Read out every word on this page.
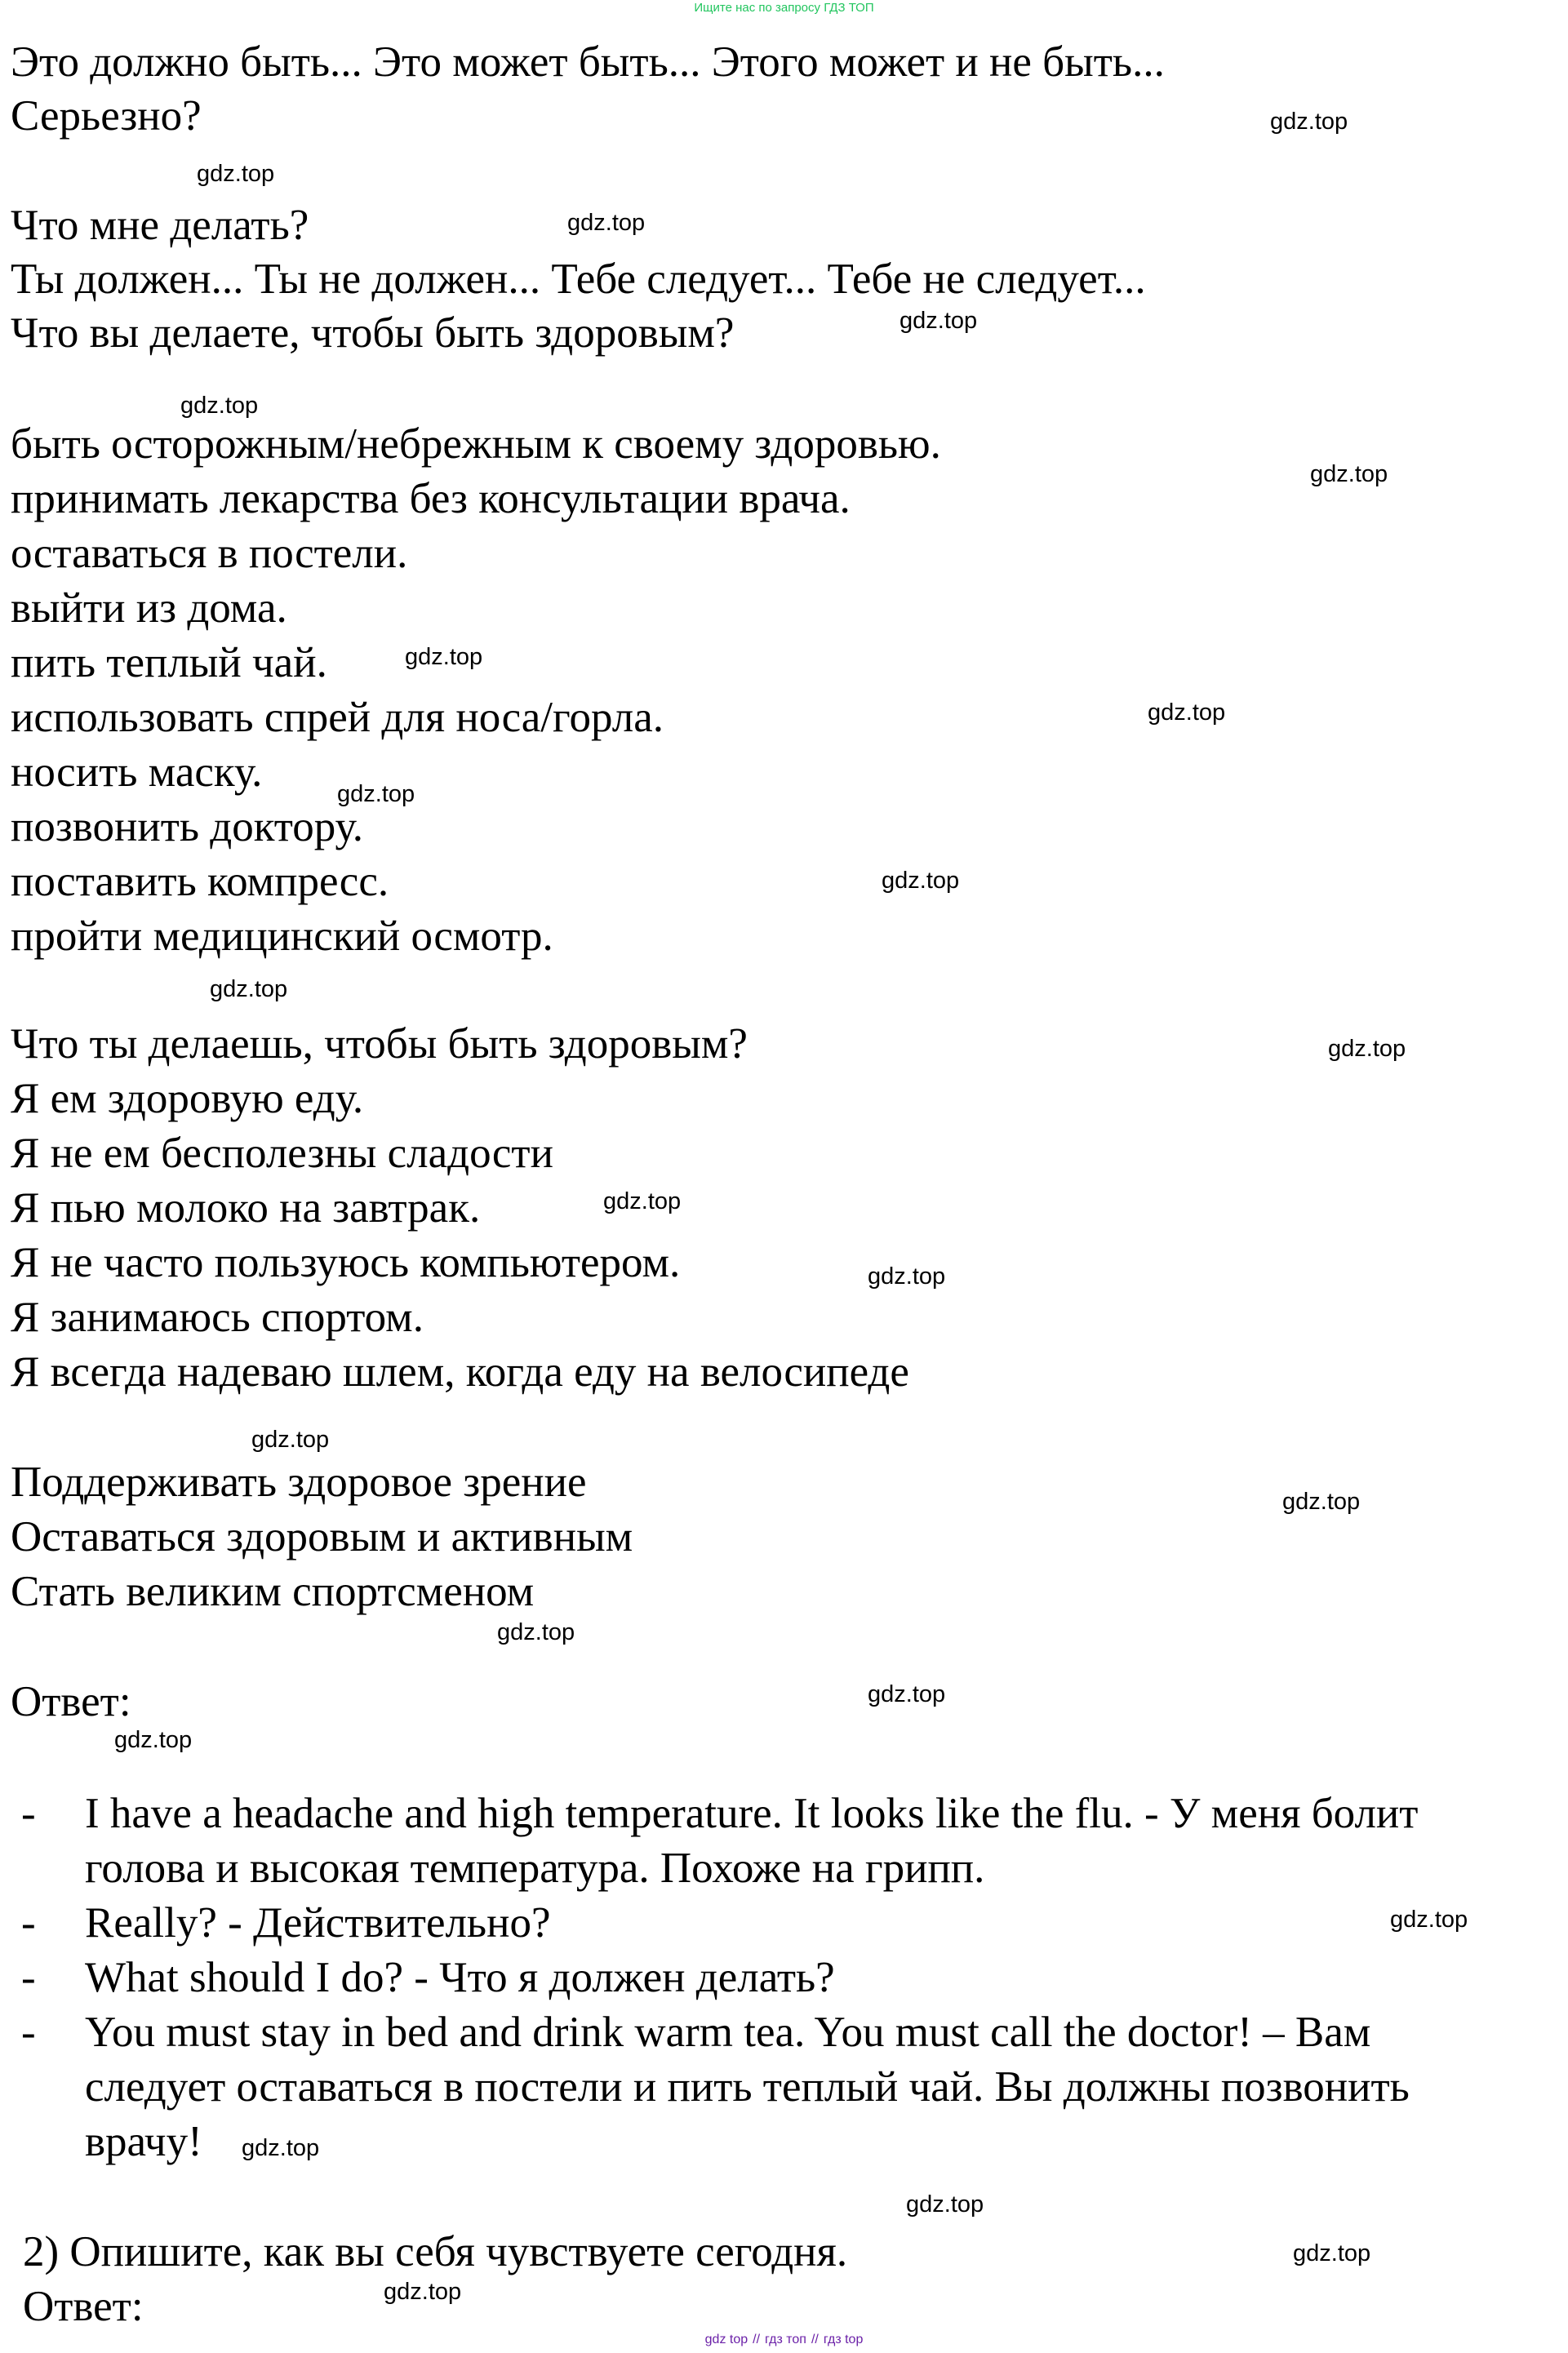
Ищите нас по запросу ГДЗ ТОП
Это должно быть... Это может быть... Этого может и не быть...
Серьезно?
Что мне делать?
Ты должен... Ты не должен... Тебе следует... Тебе не следует...
Что вы делаете, чтобы быть здоровым?
быть осторожным/небрежным к своему здоровью.
принимать лекарства без консультации врача.
оставаться в постели.
выйти из дома.
пить теплый чай.
использовать спрей для носа/горла.
носить маску.
позвонить доктору.
поставить компресс.
пройти медицинский осмотр.
Что ты делаешь, чтобы быть здоровым?
Я ем здоровую еду.
Я не ем бесполезны сладости
Я пью молоко на завтрак.
Я не часто пользуюсь компьютером.
Я занимаюсь спортом.
Я всегда надеваю шлем, когда еду на велосипеде
Поддерживать здоровое зрение
Оставаться здоровым и активным
Стать великим спортсменом
Ответ:
- I have a headache and high temperature. It looks like the flu. - У меня болит
голова и высокая температура. Похоже на грипп.
- Really? - Действительно?
- What should I do? - Что я должен делать?
- You must stay in bed and drink warm tea. You must call the doctor! – Вам
следует оставаться в постели и пить теплый чай. Вы должны позвонить
врачу!
2) Опишите, как вы себя чувствуете сегодня.
Ответ:
gdz.top
gdz.top
gdz.top
gdz.top
gdz.top
gdz.top
gdz.top
gdz.top
gdz.top
gdz.top
gdz.top
gdz.top
gdz.top
gdz.top
gdz.top
gdz.top
gdz.top
gdz.top
gdz.top
gdz.top
gdz.top
gdz.top
gdz.top
gdz.top
gdz top // гдз топ // гдз top
